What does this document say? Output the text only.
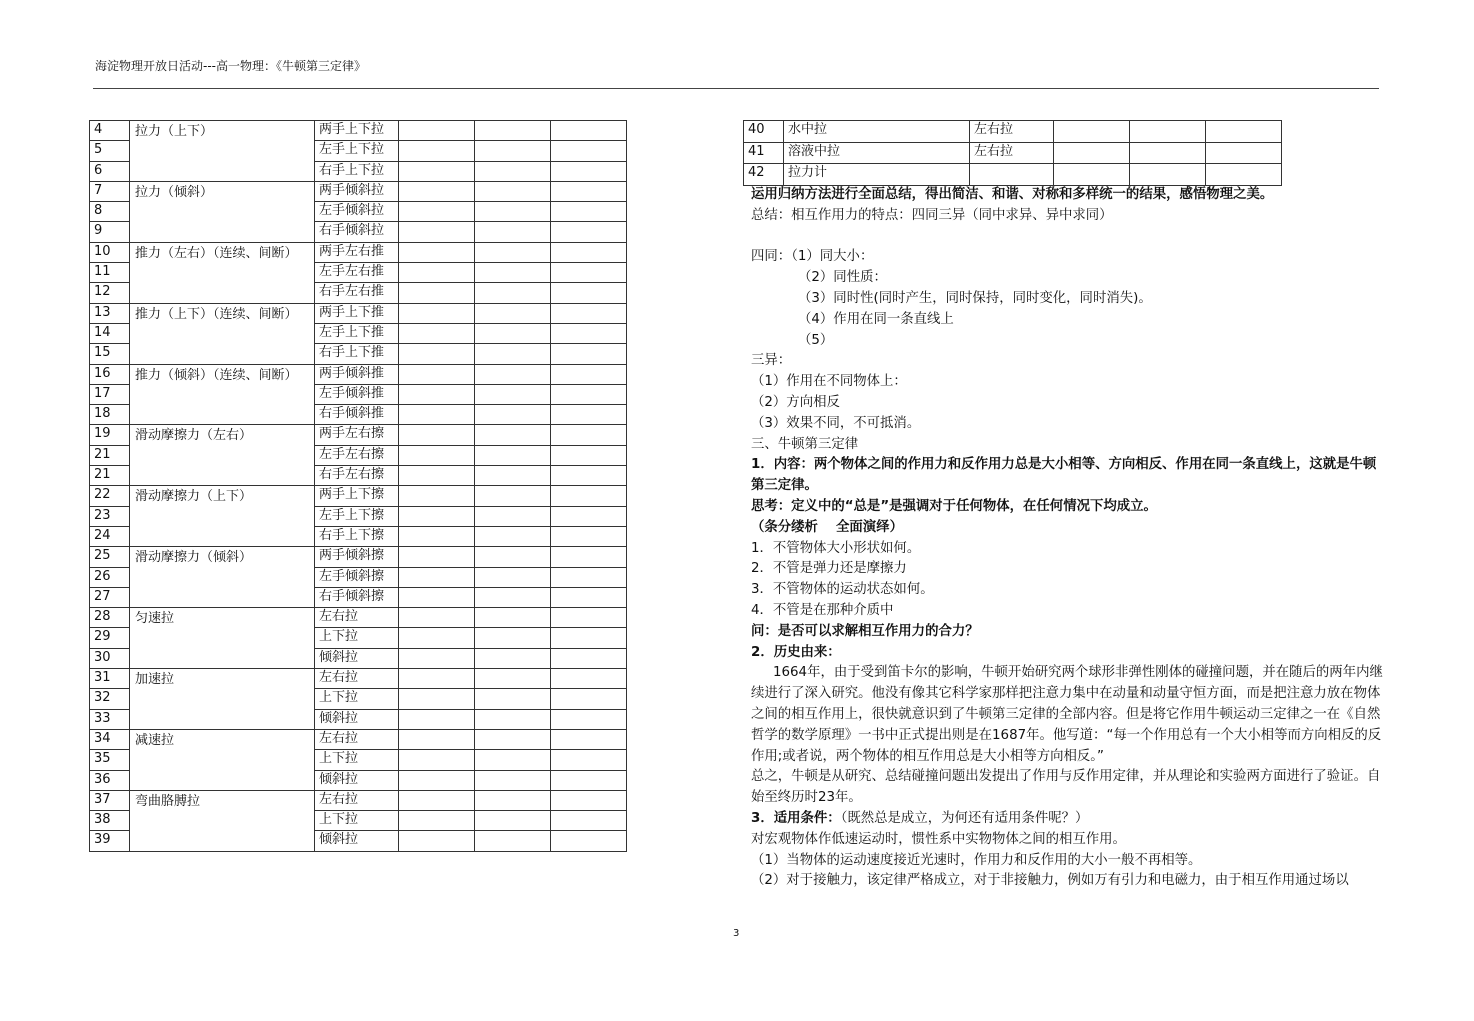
海淀物理开放日活动---高一物理：《牛顿第三定律》
4	拉力（上下）	两手上下拉			
5		左手上下拉			
6		右手上下拉			
7	拉力（倾斜）	两手倾斜拉			
8		左手倾斜拉			
9		右手倾斜拉			
10	推力（左右）（连续、间断）	两手左右推			
11		左手左右推			
12		右手左右推			
13	推力（上下）（连续、间断）	两手上下推			
14		左手上下推			
15		右手上下推			
16	推力（倾斜）（连续、间断）	两手倾斜推			
17		左手倾斜推			
18		右手倾斜推			
19	滑动摩擦力（左右）	两手左右擦			
21		左手左右擦			
21		右手左右擦			
22	滑动摩擦力（上下）	两手上下擦			
23		左手上下擦			
24		右手上下擦			
25	滑动摩擦力（倾斜）	两手倾斜擦			
26		左手倾斜擦			
27		右手倾斜擦			
28	匀速拉	左右拉			
29		上下拉			
30		倾斜拉			
31	加速拉	左右拉			
32		上下拉			
33		倾斜拉			
34	减速拉	左右拉			
35		上下拉			
36		倾斜拉			
37	弯曲胳膊拉	左右拉			
38		上下拉			
39		倾斜拉			
40	水中拉	左右拉			
41	溶液中拉	左右拉			
42	拉力计				

运用归纳方法进行全面总结，得出简洁、和谐、对称和多样统一的结果，感悟物理之美。

总结：相互作用力的特点：四同三异（同中求异、异中求同）

四同：（1）同大小：

（2）同性质：

（3）同时性(同时产生，同时保持，同时变化，同时消失)。

（4）作用在同一条直线上

（5）

三异：

（1）作用在不同物体上：

（2）方向相反

（3）效果不同，不可抵消。

三、牛顿第三定律

1．内容：两个物体之间的作用力和反作用力总是大小相等、方向相反、作用在同一条直线上，这就是牛顿第三定律。

思考：定义中的“总是”是强调对于任何物体，在任何情况下均成立。

（条分缕析　 全面演绎）

1．不管物体大小形状如何。

2．不管是弹力还是摩擦力

3．不管物体的运动状态如何。

4．不管是在那种介质中

问：是否可以求解相互作用力的合力？

2．历史由来：

1664年，由于受到笛卡尔的影响，牛顿开始研究两个球形非弹性刚体的碰撞问题，并在随后的两年内继续进行了深入研究。他没有像其它科学家那样把注意力集中在动量和动量守恒方面，而是把注意力放在物体之间的相互作用上，很快就意识到了牛顿第三定律的全部内容。但是将它作用牛顿运动三定律之一在《自然哲学的数学原理》一书中正式提出则是在1687年。他写道：“每一个作用总有一个大小相等而方向相反的反作用;或者说，两个物体的相互作用总是大小相等方向相反。”

总之，牛顿是从研究、总结碰撞问题出发提出了作用与反作用定律，并从理论和实验两方面进行了验证。自始至终历时23年。

3．适用条件：（既然总是成立，为何还有适用条件呢？）

对宏观物体作低速运动时，惯性系中实物物体之间的相互作用。

（1）当物体的运动速度接近光速时，作用力和反作用的大小一般不再相等。

（2）对于接触力，该定律严格成立，对于非接触力，例如万有引力和电磁力，由于相互作用通过场以

3
